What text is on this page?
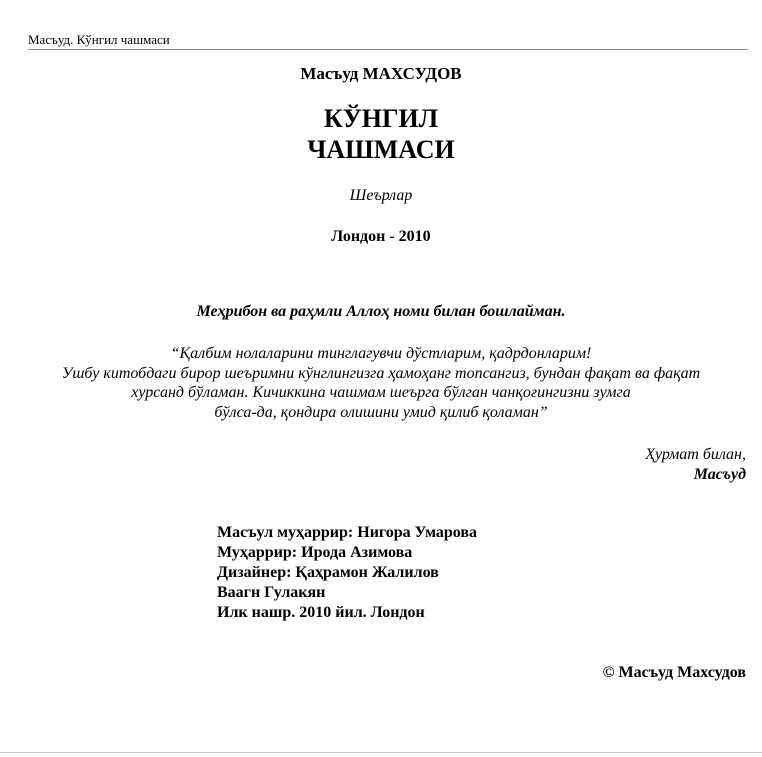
Масъуд. Кўнгил чашмаси
Масъуд МАХСУДОВ
КЎНГИЛ
ЧАШМАСИ
Шеърлар
Лондон - 2010
Меҳрибон ва раҳмли Аллоҳ номи билан бошлайман.
“Қалбим нолаларини тинглагувчи дўстларим, қадрдонларим!
Ушбу китобдаги бирор шеъримни кўнглингизга ҳамоҳанг топсангиз, бундан фақат ва фақат
хурсанд бўламан. Кичиккина чашмам шеърга бўлган чанқоғингизни зумга
бўлса-да, қондира олишини умид қилиб қоламан”
Ҳурмат билан,
Масъуд
Масъул муҳаррир: Нигора Умарова
Муҳаррир: Ирода Азимова
Дизайнер: Қаҳрамон Жалилов
Ваагн Гулакян
Илк нашр. 2010 йил. Лондон
© Масъуд Махсудов
